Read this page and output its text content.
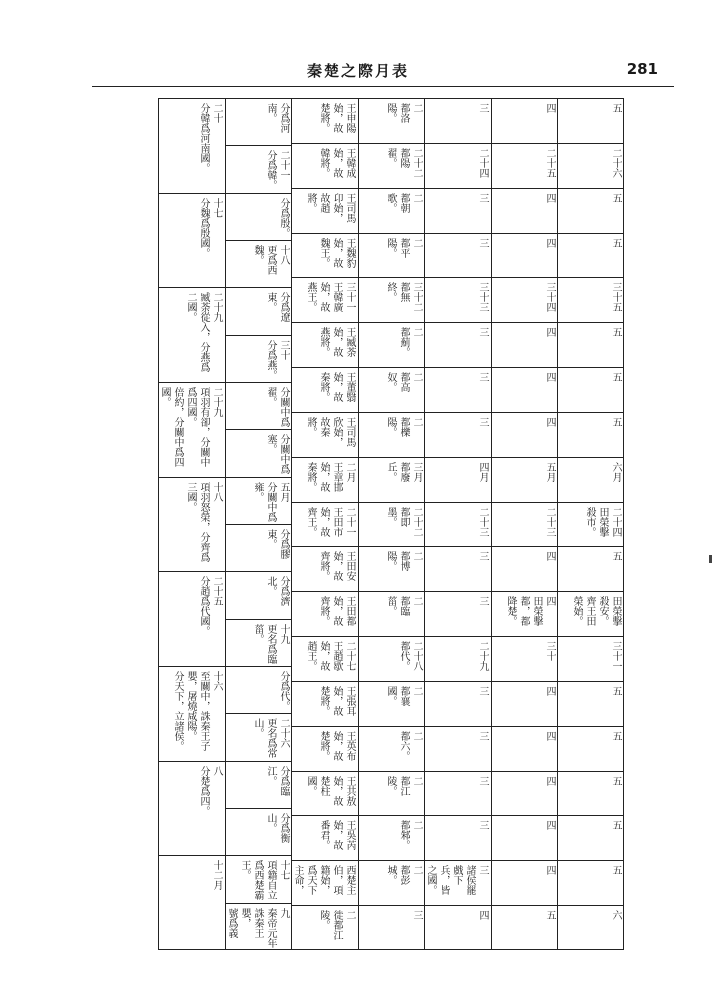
秦楚之際月表	281
十二月
八
分楚爲四。
十六
至關中，誅秦王子嬰，屠燒咸陽。
分天下，立諸侯。
二十五
分趙爲代國。
十八
項羽怒榮，分齊爲三國。
二十九
項羽有卻，分關中爲四國。
倍約，分關中爲四國。
二十九
臧荼從入，分燕爲二國。
十七
分魏爲殷國。
二十
分韓爲河南國。
九
秦帝元年
誅秦王嬰，
號爲義
十七
項籍自立爲西楚霸王。
分爲衡山。
分爲臨江。
二十六
更名爲常山。
分爲代。
十九
更名爲臨菑。
分爲濟北。
分爲膠東。
五月
分關中爲雍。
分關中爲塞。
分關中爲翟。
三十
分爲燕。
分爲遼東。
十八
更爲西魏。
分爲殷。
二十一
分爲韓。
分爲河南。
二
徙都江陵。
西楚主伯，項籍始，爲天下主命，
王吳芮始，故番君。
王共敖始，故楚柱國。
王英布始，故楚將。
王張耳始，故楚將。
二十七
王趙歇始，故趙王。
王田都始，故齊將。
王田安始，故齊將。
二十一
王田市始，故齊王。
二月
王章邯始，故秦將。
王司馬欣始，故秦將。
王董翳始，故秦將。
王臧荼始，故燕將。
三十一
王韓廣始，故燕王。
王魏豹始，故魏王。
王司馬卬始，故趙將。
王韓成始，故韓將。
王申陽始，故楚將。
三
二
都彭城。
二
都邾。
二
都江陵。
二
都六。
二
都襄國。
二十八
都代。
二
都臨菑。
二
都博陽。
二十二
都即墨。
三月
都廢丘。
二
都櫟陽。
二
都高奴。
二
都薊。
三十二
都無終。
二
都平陽。
二
都朝歌。
二十二
都陽翟。
二
都洛陽。
四
三
諸侯罷戲下兵，皆之國。
三
三
三
三
二十九
三
三
二十三
四月
三
三
三
三十三
三
三
二十四
三
五
四
四
四
四
四
三十
四
田榮擊都，都降楚。
四
二十三
五月
四
四
四
三十四
四
四
二十五
四
六
五
五
五
五
五
三十一
田榮擊殺安。
齊王田榮始。
五
二十四
田榮擊殺市。
六月
五
五
五
三十五
五
五
二十六
五
